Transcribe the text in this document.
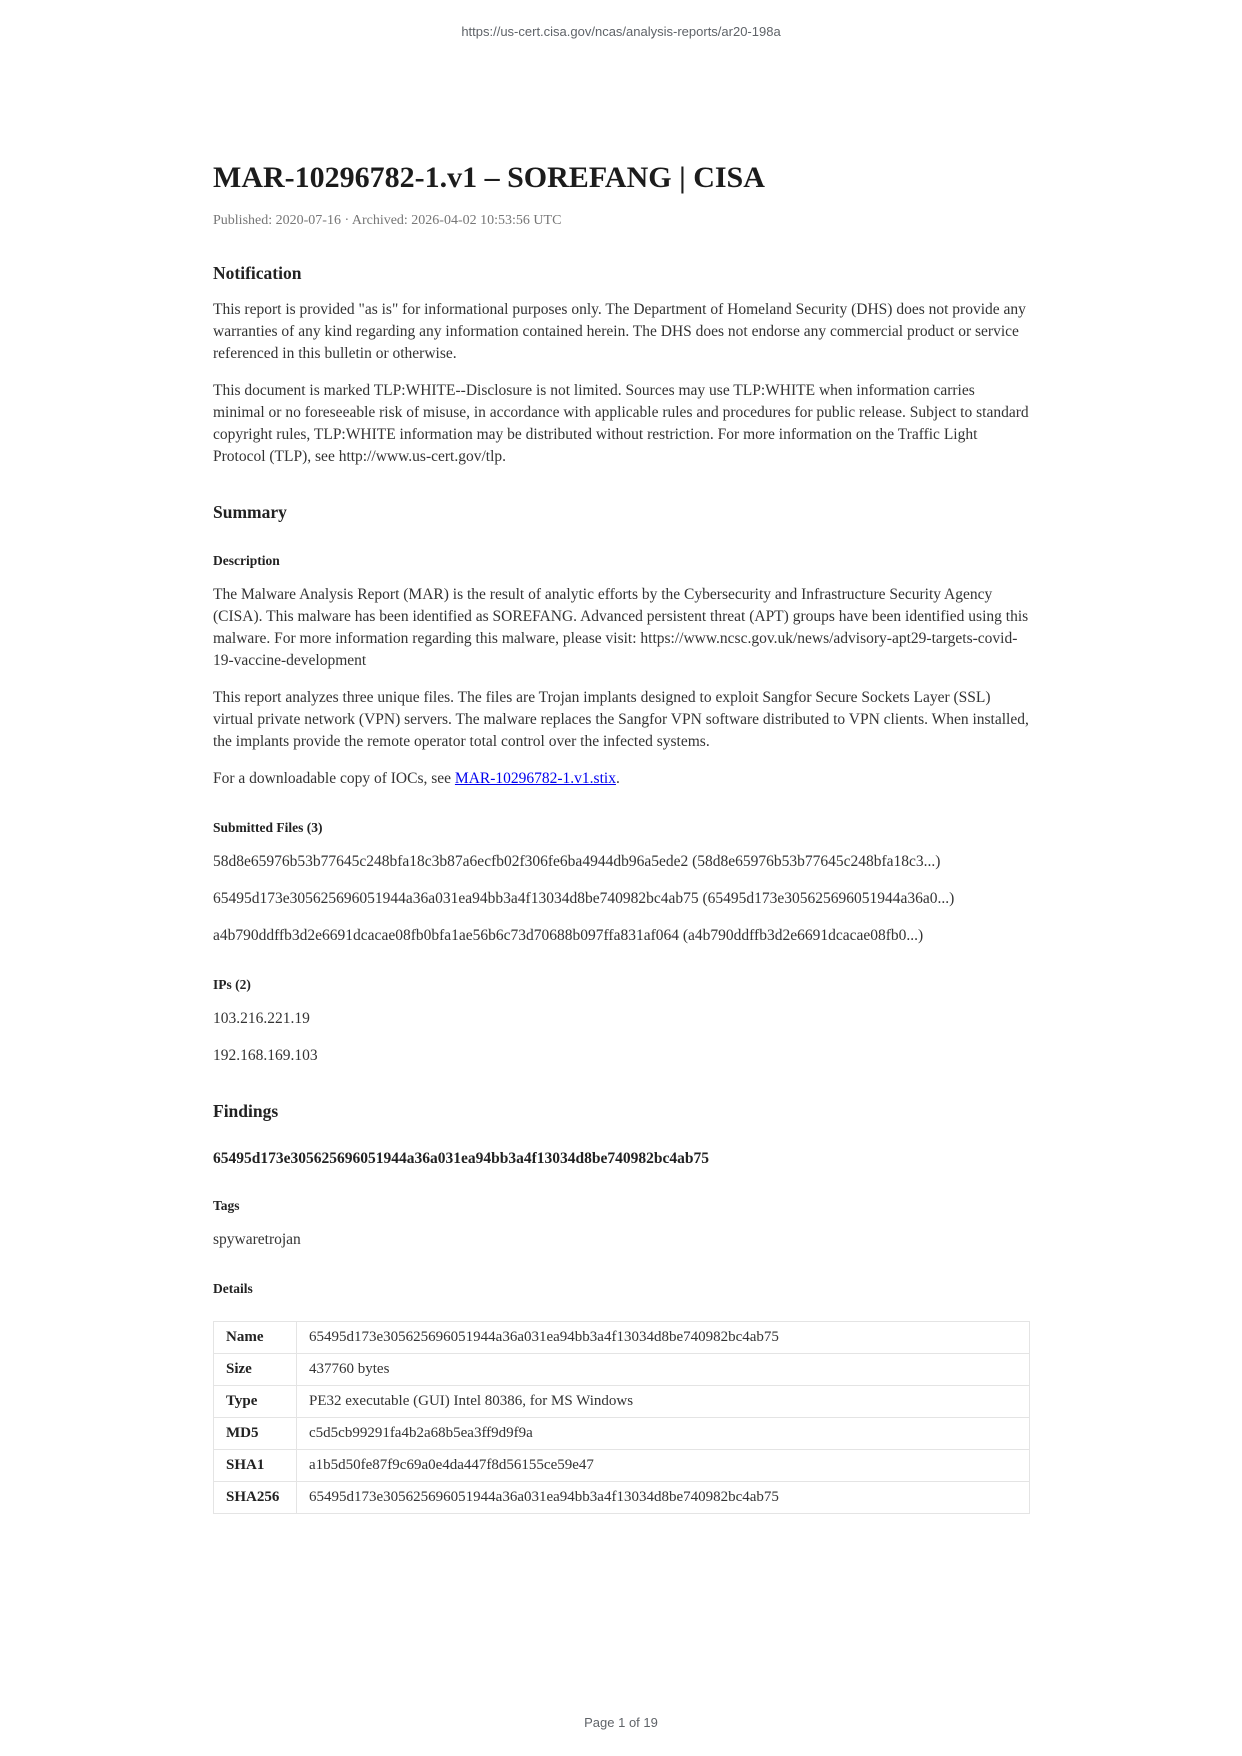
https://us-cert.cisa.gov/ncas/analysis-reports/ar20-198a
MAR-10296782-1.v1 – SOREFANG | CISA

Published: 2020-07-16 · Archived: 2026-04-02 10:53:56 UTC

Notification

This report is provided "as is" for informational purposes only. The Department of Homeland Security (DHS) does not provide any warranties of any kind regarding any information contained herein. The DHS does not endorse any commercial product or service referenced in this bulletin or otherwise.

This document is marked TLP:WHITE--Disclosure is not limited. Sources may use TLP:WHITE when information carries minimal or no foreseeable risk of misuse, in accordance with applicable rules and procedures for public release. Subject to standard copyright rules, TLP:WHITE information may be distributed without restriction. For more information on the Traffic Light Protocol (TLP), see http://www.us-cert.gov/tlp.

Summary
Description

The Malware Analysis Report (MAR) is the result of analytic efforts by the Cybersecurity and Infrastructure Security Agency (CISA). This malware has been identified as SOREFANG. Advanced persistent threat (APT) groups have been identified using this malware. For more information regarding this malware, please visit: https://www.ncsc.gov.uk/news/advisory-apt29-targets-covid-19-vaccine-development

This report analyzes three unique files. The files are Trojan implants designed to exploit Sangfor Secure Sockets Layer (SSL) virtual private network (VPN) servers. The malware replaces the Sangfor VPN software distributed to VPN clients. When installed, the implants provide the remote operator total control over the infected systems.

For a downloadable copy of IOCs, see MAR-10296782-1.v1.stix.

Submitted Files (3)

58d8e65976b53b77645c248bfa18c3b87a6ecfb02f306fe6ba4944db96a5ede2 (58d8e65976b53b77645c248bfa18c3...)

65495d173e305625696051944a36a031ea94bb3a4f13034d8be740982bc4ab75 (65495d173e305625696051944a36a0...)

a4b790ddffb3d2e6691dcacae08fb0bfa1ae56b6c73d70688b097ffa831af064 (a4b790ddffb3d2e6691dcacae08fb0...)

IPs (2)

103.216.221.19

192.168.169.103

Findings

65495d173e305625696051944a36a031ea94bb3a4f13034d8be740982bc4ab75

Tags

spywaretrojan

Details
Name	65495d173e305625696051944a36a031ea94bb3a4f13034d8be740982bc4ab75
Size	437760 bytes
Type	PE32 executable (GUI) Intel 80386, for MS Windows
MD5	c5d5cb99291fa4b2a68b5ea3ff9d9f9a
SHA1	a1b5d50fe87f9c69a0e4da447f8d56155ce59e47
SHA256	65495d173e305625696051944a36a031ea94bb3a4f13034d8be740982bc4ab75
Page 1 of 19
